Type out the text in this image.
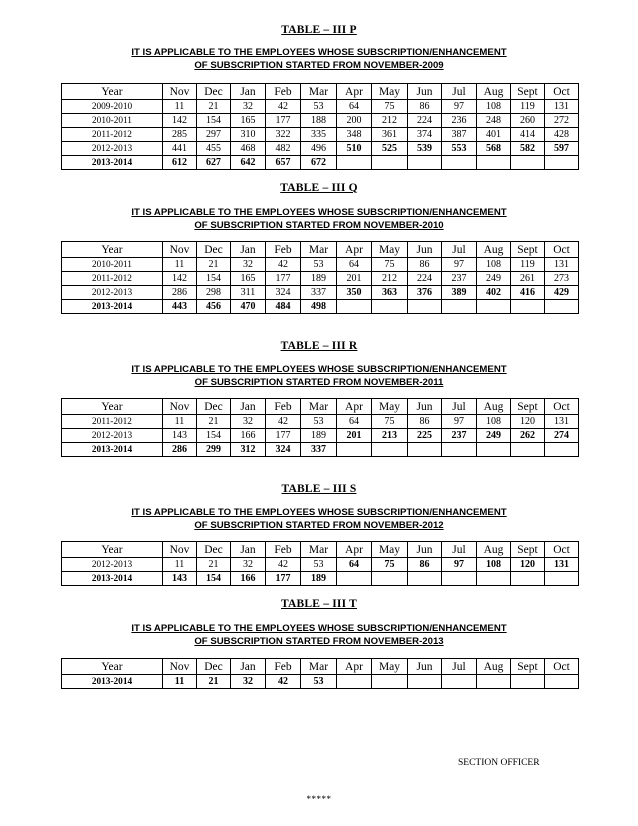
TABLE – III P
IT IS APPLICABLE TO THE EMPLOYEES WHOSE SUBSCRIPTION/ENHANCEMENT
OF SUBSCRIPTION STARTED FROM NOVEMBER-2009
Year	Nov	Dec	Jan	Feb	Mar	Apr	May	Jun	Jul	Aug	Sept	Oct
2009-2010	11	21	32	42	53	64	75	86	97	108	119	131
2010-2011	142	154	165	177	188	200	212	224	236	248	260	272
2011-2012	285	297	310	322	335	348	361	374	387	401	414	428
2012-2013	441	455	468	482	496	510	525	539	553	568	582	597
2013-2014	612	627	642	657	672							
TABLE – III Q
IT IS APPLICABLE TO THE EMPLOYEES WHOSE SUBSCRIPTION/ENHANCEMENT
OF SUBSCRIPTION STARTED FROM NOVEMBER-2010
Year	Nov	Dec	Jan	Feb	Mar	Apr	May	Jun	Jul	Aug	Sept	Oct
2010-2011	11	21	32	42	53	64	75	86	97	108	119	131
2011-2012	142	154	165	177	189	201	212	224	237	249	261	273
2012-2013	286	298	311	324	337	350	363	376	389	402	416	429
2013-2014	443	456	470	484	498							
TABLE – III R
IT IS APPLICABLE TO THE EMPLOYEES WHOSE SUBSCRIPTION/ENHANCEMENT
OF SUBSCRIPTION STARTED FROM NOVEMBER-2011
Year	Nov	Dec	Jan	Feb	Mar	Apr	May	Jun	Jul	Aug	Sept	Oct
2011-2012	11	21	32	42	53	64	75	86	97	108	120	131
2012-2013	143	154	166	177	189	201	213	225	237	249	262	274
2013-2014	286	299	312	324	337							
TABLE – III S
IT IS APPLICABLE TO THE EMPLOYEES WHOSE SUBSCRIPTION/ENHANCEMENT
OF SUBSCRIPTION STARTED FROM NOVEMBER-2012
Year	Nov	Dec	Jan	Feb	Mar	Apr	May	Jun	Jul	Aug	Sept	Oct
2012-2013	11	21	32	42	53	64	75	86	97	108	120	131
2013-2014	143	154	166	177	189							
TABLE – III T
IT IS APPLICABLE TO THE EMPLOYEES WHOSE SUBSCRIPTION/ENHANCEMENT
OF SUBSCRIPTION STARTED FROM NOVEMBER-2013
Year	Nov	Dec	Jan	Feb	Mar	Apr	May	Jun	Jul	Aug	Sept	Oct
2013-2014	11	21	32	42	53							
SECTION OFFICER
*****
